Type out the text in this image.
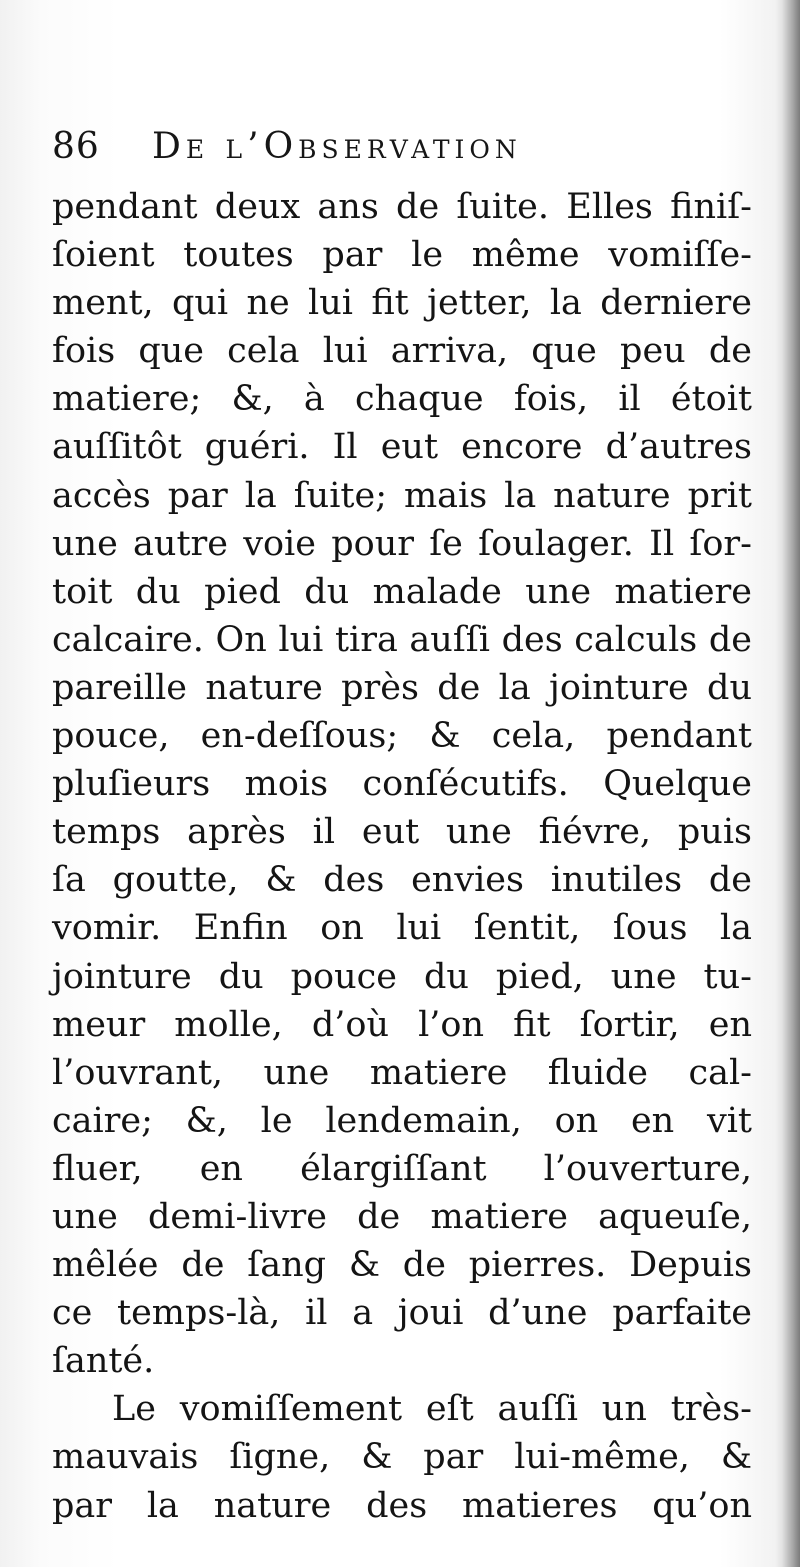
86 De l’Observation
pendant deux ans de ſuite. Elles finiſ-
ſoient toutes par le même vomiſſe-
ment, qui ne lui fit jetter, la derniere
fois que cela lui arriva, que peu de
matiere; &, à chaque fois, il étoit
auſſitôt guéri. Il eut encore d’autres
accès par la ſuite; mais la nature prit
une autre voie pour ſe ſoulager. Il ſor-
toit du pied du malade une matiere
calcaire. On lui tira auſſi des calculs de
pareille nature près de la jointure du
pouce, en-deſſous; & cela, pendant
pluſieurs mois conſécutifs. Quelque
temps après il eut une fiévre, puis
ſa goutte, & des envies inutiles de
vomir. Enfin on lui ſentit, ſous la
jointure du pouce du pied, une tu-
meur molle, d’où l’on fit ſortir, en
l’ouvrant, une matiere fluide cal-
caire; &, le lendemain, on en vit
fluer, en élargiſſant l’ouverture,
une demi-livre de matiere aqueuſe,
mêlée de ſang & de pierres. Depuis
ce temps-là, il a joui d’une parfaite
ſanté.
Le vomiſſement eſt auſſi un très-
mauvais ſigne, & par lui-même, &
par la nature des matieres qu’on
